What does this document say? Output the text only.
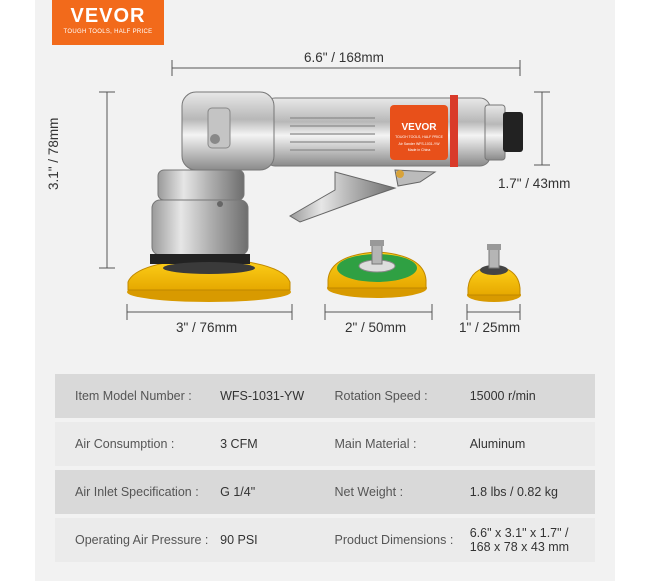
VEVOR
TOUGH TOOLS, HALF PRICE
VEVOR
TOUGH TOOLS, HALF PRICE
Air Sander WFS-1031-YW
Made in China
6.6" / 168mm
3.1" / 78mm	1.7" / 43mm
3" / 76mm	2" / 50mm	1" / 25mm
Item Model Number :	WFS-1031-YW	Rotation Speed :	15000 r/min
Air Consumption :	3 CFM	Main Material :	Aluminum
Air Inlet Specification :	G 1/4"	Net Weight :	1.8 lbs / 0.82 kg
Operating Air Pressure :	90 PSI	Product Dimensions :	6.6" x 3.1" x 1.7" /
168 x 78 x 43 mm
